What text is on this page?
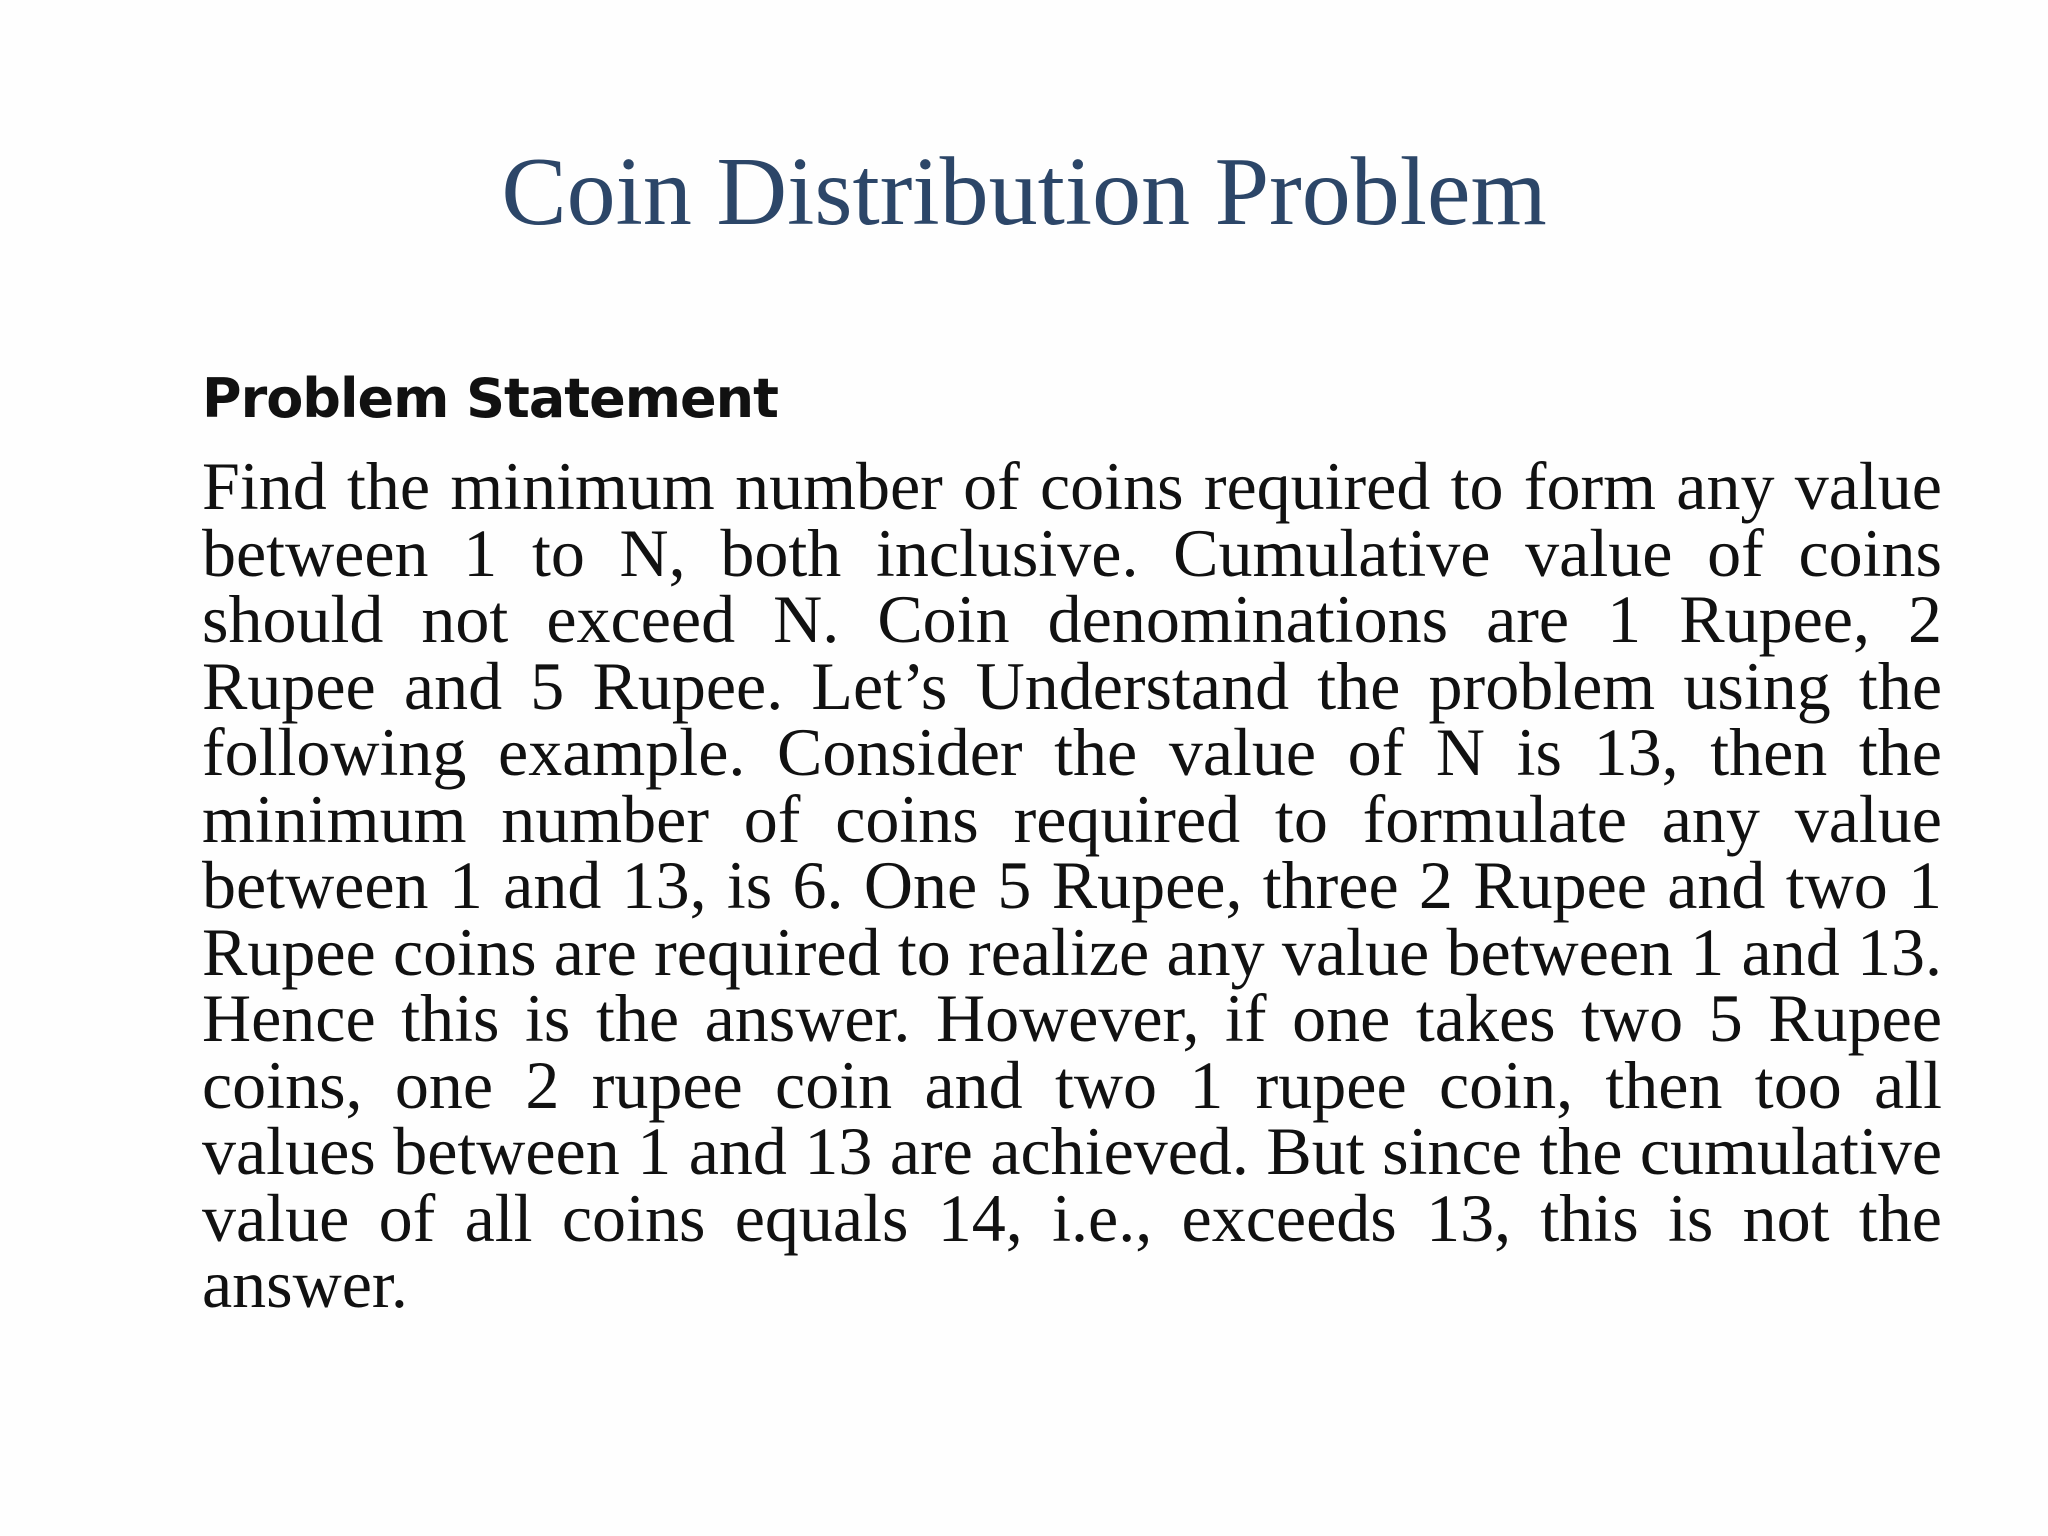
Coin Distribution Problem
Problem Statement

Find the minimum number of coins required to form any value between 1 to N, both inclusive. Cumulative value of coins should not exceed N. Coin denominations are 1 Rupee, 2 Rupee and 5 Rupee. Let’s Understand the problem using the following example. Consider the value of N is 13, then the minimum number of coins required to formulate any value between 1 and 13, is 6. One 5 Rupee, three 2 Rupee and two 1 Rupee coins are required to realize any value between 1 and 13. Hence this is the answer. However, if one takes two 5 Rupee coins, one 2 rupee coin and two 1 rupee coin, then too all values between 1 and 13 are achieved. But since the cumulative value of all coins equals 14, i.e., exceeds 13, this is not the answer.
